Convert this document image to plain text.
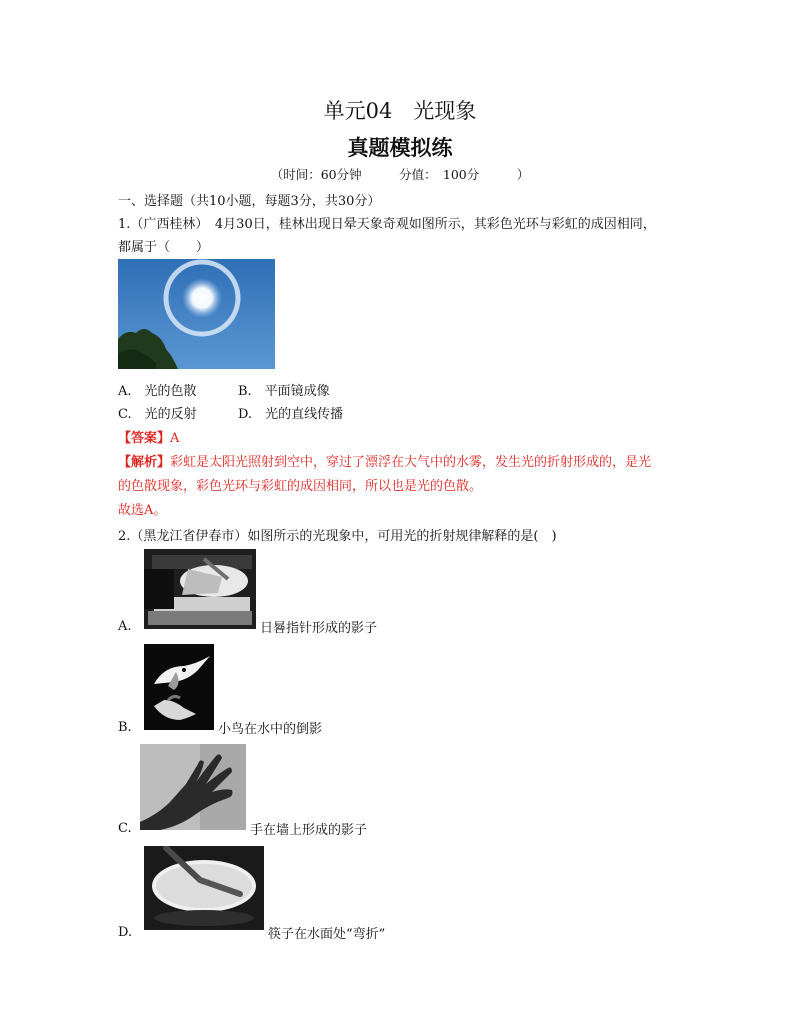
单元04　光现象
真题模拟练
（时间：60分钟　　　分值：　100分　　　）
一、选择题（共10小题，每题3分，共30分）
1.（广西桂林）　4月30日，桂林出现日晕天象奇观如图所示，其彩色光环与彩虹的成因相同，
都属于（　　）
A.　光的色散	B.　平面镜成像
C.　光的反射	D.　光的直线传播
【答案】A
【解析】彩虹是太阳光照射到空中，穿过了漂浮在大气中的水雾，发生光的折射形成的，是光
的色散现象，彩色光环与彩虹的成因相同，所以也是光的色散。
故选A。
2.（黑龙江省伊春市）如图所示的光现象中，可用光的折射规律解释的是(　)
A.	日晷指针形成的影子
B.	小鸟在水中的倒影
C.	手在墙上形成的影子
D.	筷子在水面处“弯折”
